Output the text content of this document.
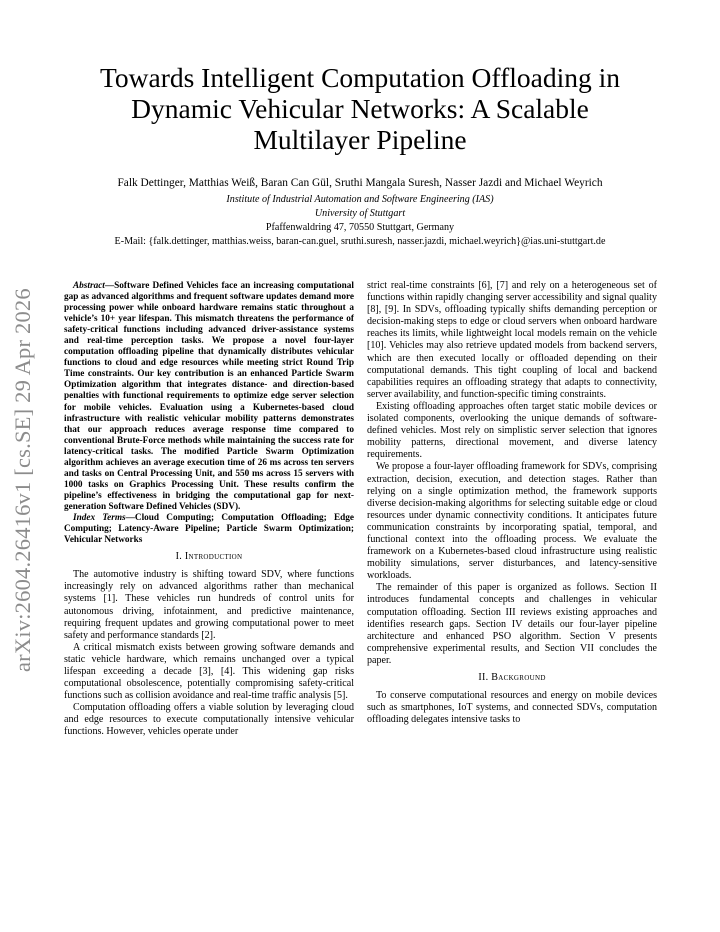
arXiv:2604.26416v1 [cs.SE] 29 Apr 2026
Towards Intelligent Computation Offloading in Dynamic Vehicular Networks: A Scalable Multilayer Pipeline
Falk Dettinger, Matthias Weiß, Baran Can Gül, Sruthi Mangala Suresh, Nasser Jazdi and Michael Weyrich
Institute of Industrial Automation and Software Engineering (IAS)
University of Stuttgart
Pfaffenwaldring 47, 70550 Stuttgart, Germany
E-Mail: {falk.dettinger, matthias.weiss, baran-can.guel, sruthi.suresh, nasser.jazdi, michael.weyrich}@ias.uni-stuttgart.de

Abstract—Software Defined Vehicles face an increasing computational gap as advanced algorithms and frequent software updates demand more processing power while onboard hardware remains static throughout a vehicle’s 10+ year lifespan. This mismatch threatens the performance of safety-critical functions including advanced driver-assistance systems and real-time perception tasks. We propose a novel four-layer computation offloading pipeline that dynamically distributes vehicular functions to cloud and edge resources while meeting strict Round Trip Time constraints. Our key contribution is an enhanced Particle Swarm Optimization algorithm that integrates distance- and direction-based penalties with functional requirements to optimize edge server selection for mobile vehicles. Evaluation using a Kubernetes-based cloud infrastructure with realistic vehicular mobility patterns demonstrates that our approach reduces average response time compared to conventional Brute-Force methods while maintaining the success rate for latency-critical tasks. The modified Particle Swarm Optimization algorithm achieves an average execution time of 26 ms across ten servers and tasks on Central Processing Unit, and 550 ms across 15 servers with 1000 tasks on Graphics Processing Unit. These results confirm the pipeline’s effectiveness in bridging the computational gap for next-generation Software Defined Vehicles (SDV).

Index Terms—Cloud Computing; Computation Offloading; Edge Computing; Latency-Aware Pipeline; Particle Swarm Optimization; Vehicular Networks

I. Introduction

The automotive industry is shifting toward SDV, where functions increasingly rely on advanced algorithms rather than mechanical systems [1]. These vehicles run hundreds of control units for autonomous driving, infotainment, and predictive maintenance, requiring frequent updates and growing computational power to meet safety and performance standards [2].

A critical mismatch exists between growing software demands and static vehicle hardware, which remains unchanged over a typical lifespan exceeding a decade [3], [4]. This widening gap risks computational obsolescence, potentially compromising safety-critical functions such as collision avoidance and real-time traffic analysis [5].

Computation offloading offers a viable solution by leveraging cloud and edge resources to execute computationally intensive vehicular functions. However, vehicles operate under

strict real-time constraints [6], [7] and rely on a heterogeneous set of functions within rapidly changing server accessibility and signal quality [8], [9]. In SDVs, offloading typically shifts demanding perception or decision-making steps to edge or cloud servers when onboard hardware reaches its limits, while lightweight local models remain on the vehicle [10]. Vehicles may also retrieve updated models from backend servers, which are then executed locally or offloaded depending on their computational demands. This tight coupling of local and backend capabilities requires an offloading strategy that adapts to connectivity, server availability, and function-specific timing constraints.

Existing offloading approaches often target static mobile devices or isolated components, overlooking the unique demands of software-defined vehicles. Most rely on simplistic server selection that ignores mobility patterns, directional movement, and diverse latency requirements.

We propose a four-layer offloading framework for SDVs, comprising extraction, decision, execution, and detection stages. Rather than relying on a single optimization method, the framework supports diverse decision-making algorithms for selecting suitable edge or cloud resources under dynamic connectivity conditions. It anticipates future communication constraints by incorporating spatial, temporal, and functional context into the offloading process. We evaluate the framework on a Kubernetes-based cloud infrastructure using realistic mobility simulations, server disturbances, and latency-sensitive workloads.

The remainder of this paper is organized as follows. Section II introduces fundamental concepts and challenges in vehicular computation offloading. Section III reviews existing approaches and identifies research gaps. Section IV details our four-layer pipeline architecture and enhanced PSO algorithm. Section V presents comprehensive experimental results, and Section VII concludes the paper.

II. Background

To conserve computational resources and energy on mobile devices such as smartphones, IoT systems, and connected SDVs, computation offloading delegates intensive tasks to
